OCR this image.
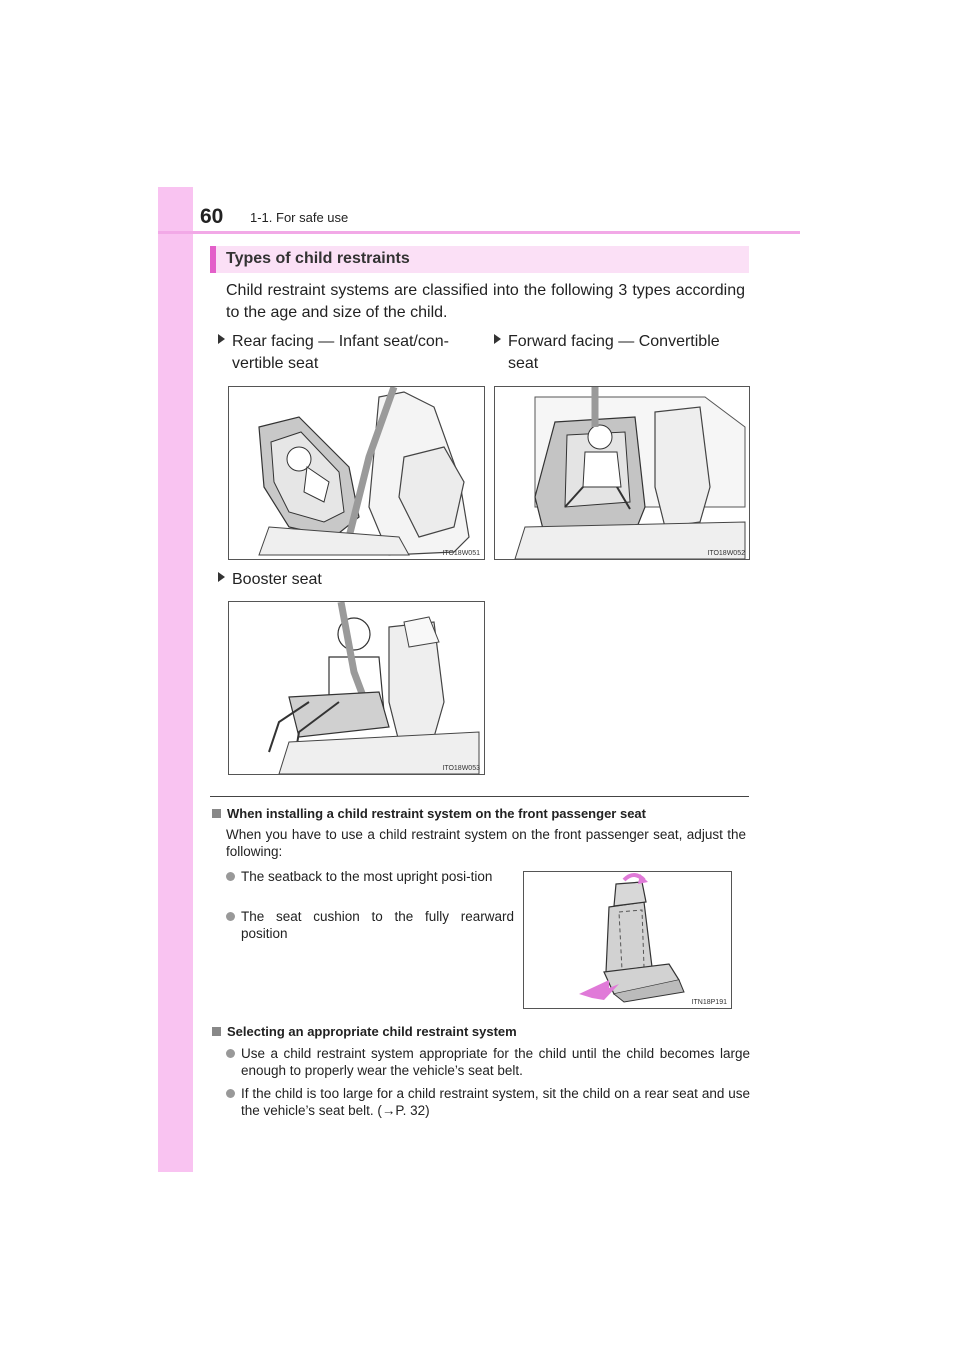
60 1-1. For safe use
Types of child restraints
Child restraint systems are classified into the following 3 types according to the age and size of the child.
Rear facing — Infant seat/con-vertible seat
Forward facing — Convertible seat
ITO18W051	ITO18W052
Booster seat
ITO18W053
When installing a child restraint system on the front passenger seat
When you have to use a child restraint system on the front passenger seat, adjust the following:
The seatback to the most upright posi-tion
The seat cushion to the fully rearward position
ITN18P191
Selecting an appropriate child restraint system
Use a child restraint system appropriate for the child until the child becomes large enough to properly wear the vehicle’s seat belt.
If the child is too large for a child restraint system, sit the child on a rear seat and use the vehicle’s seat belt. (→P. 32)
